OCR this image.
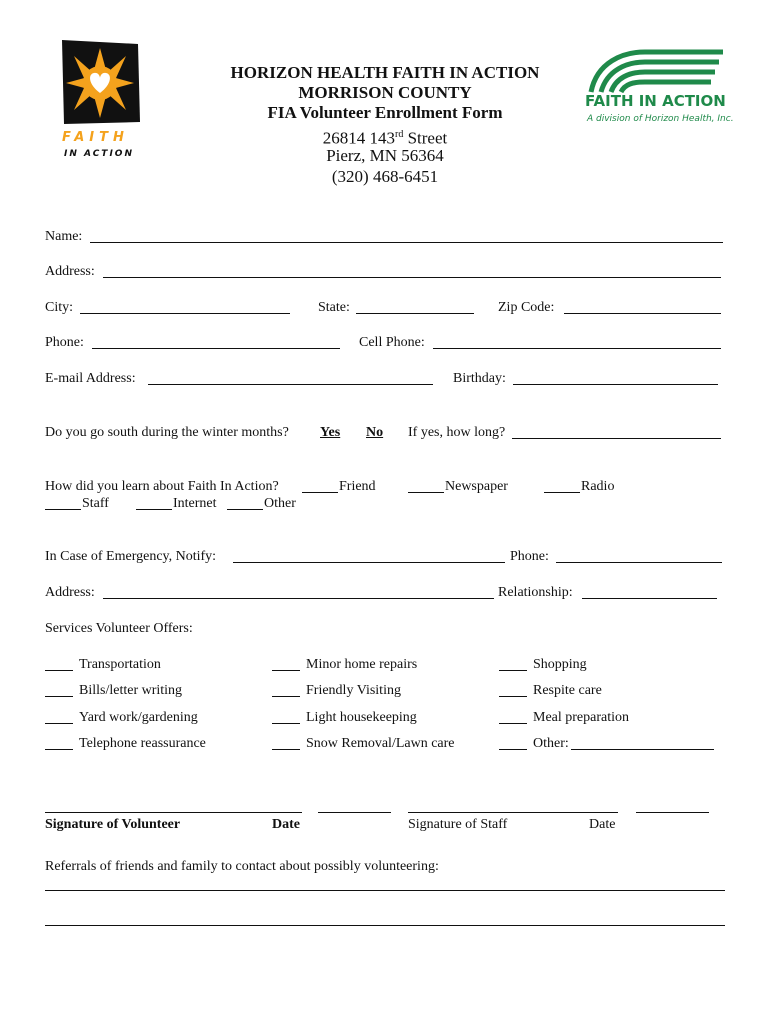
FAITH
IN ACTION
HORIZON HEALTH FAITH IN ACTION
MORRISON COUNTY
FIA Volunteer Enrollment Form
26814 143rd Street
Pierz, MN 56364
(320) 468-6451
FAITH IN ACTION
A division of Horizon Health, Inc.
Name:
Address:
City:	State:	Zip Code:
Phone:	Cell Phone:
E-mail Address:	Birthday:
Do you go south during the winter months? Yes No If yes, how long?
How did you learn about Faith In Action?	Friend	Newspaper	Radio
Staff	Internet	Other
In Case of Emergency, Notify:	Phone:
Address:	Relationship:
Services Volunteer Offers:
Transportation	Minor home repairs	Shopping
Bills/letter writing	Friendly Visiting	Respite care
Yard work/gardening	Light housekeeping	Meal preparation
Telephone reassurance	Snow Removal/Lawn care	Other:
Signature of Volunteer	Date	Signature of Staff	Date
Referrals of friends and family to contact about possibly volunteering:
